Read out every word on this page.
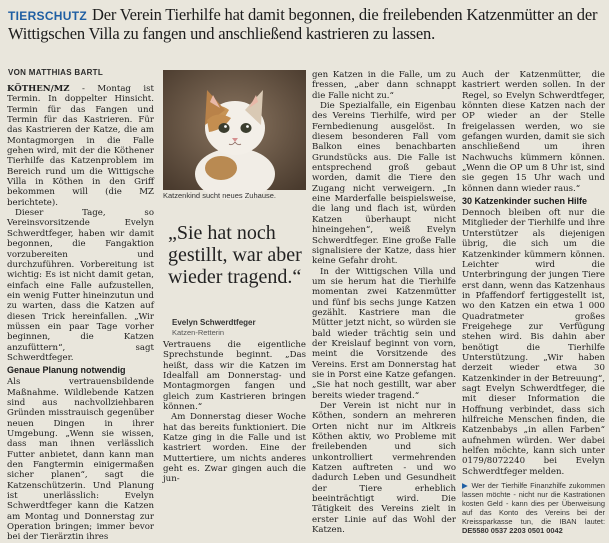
TIERSCHUTZ Der Verein Tierhilfe hat damit begonnen, die freilebenden Katzenmütter an der Wittigschen Villa zu fangen und anschließend kastrieren zu lassen.
VON MATTHIAS BARTL

KÖTHEN/MZ - Montag ist Termin. In doppelter Hinsicht. Termin für das Fangen und Termin für das Kastrieren. Für das Kastrieren der Katze, die am Montagmorgen in die Falle gehen wird, mit der die Köthener Tierhilfe das Katzenproblem im Bereich rund um die Wittigsche Villa in Köthen in den Griff bekommen will (die MZ berichtete).

Dieser Tage, so Vereinsvorsitzende Evelyn Schwerdtfeger, haben wir damit begonnen, die Fangaktion vorzubereiten und durchzuführen. Vorbereitung ist wichtig: Es ist nicht damit getan, einfach eine Falle aufzustellen, ein wenig Futter hineinzutun und zu warten, dass die Katzen auf diesen Trick hereinfallen. „Wir müssen ein paar Tage vorher beginnen, die Katzen anzufüttern“, sagt Schwerdtfeger.

Genaue Planung notwendig

Als vertrauensbildende Maßnahme. Wildlebende Katzen sind aus nachvollziehbaren Gründen misstrauisch gegenüber neuen Dingen in ihrer Umgebung. „Wenn sie wissen, dass man ihnen verlässlich Futter anbietet, dann kann man den Fangtermin einigermaßen sicher planen“, sagt die Katzenschützerin. Und Planung ist unerlässlich: Evelyn Schwerdtfeger kann die Katzen am Montag und Donnerstag zur Operation bringen; immer bevor bei der Tierärztin ihres

Katzenkind sucht neues Zuhause.
„Sie hat noch gestillt, war aber wieder tragend.“
Evelyn Schwerdtfeger
Katzen-Retterin

Vertrauens die eigentliche Sprechstunde beginnt. „Das heißt, dass wir die Katzen im Idealfall am Donnerstag- und Montagmorgen fangen und gleich zum Kastrieren bringen können.“

Am Donnerstag dieser Woche hat das bereits funktioniert. Die Katze ging in die Falle und ist kastriert worden. Eine der Muttertiere, um nichts anderes geht es. Zwar gingen auch die jun-

gen Katzen in die Falle, um zu fressen, „aber dann schnappt die Falle nicht zu.“

Die Spezialfalle, ein Eigenbau des Vereins Tierhilfe, wird per Fernbedienung ausgelöst. In diesem besonderen Fall vom Balkon eines benachbarten Grundstücks aus. Die Falle ist entsprechend groß gebaut worden, damit die Tiere den Zugang nicht verweigern. „In eine Marderfalle beispielsweise, die lang und flach ist, würden Katzen überhaupt nicht hineingehen“, weiß Evelyn Schwerdtfeger. Eine große Falle signalisiere der Katze, dass hier keine Gefahr droht.

In der Wittigschen Villa und um sie herum hat die Tierhilfe momentan zwei Katzenmütter und fünf bis sechs junge Katzen gezählt. Kastriere man die Mütter jetzt nicht, so würden sie bald wieder trächtig sein und der Kreislauf beginnt von vorn, meint die Vorsitzende des Vereins. Erst am Donnerstag hat sie in Porst eine Katze gefangen. „Sie hat noch gestillt, war aber bereits wieder tragend.“

Der Verein ist nicht nur in Köthen, sondern an mehreren Orten nicht nur im Altkreis Köthen aktiv, wo Probleme mit freilebenden und sich unkontrolliert vermehrenden Katzen auftreten - und wo dadurch Leben und Gesundheit der Tiere erheblich beeinträchtigt wird. Die Tätigkeit des Vereins zielt in erster Linie auf das Wohl der Katzen.

Auch der Katzenmütter, die kastriert werden sollen. In der Regel, so Evelyn Schwerdtfeger, könnten diese Katzen nach der OP wieder an der Stelle freigelassen werden, wo sie gefangen wurden, damit sie sich anschließend um ihren Nachwuchs kümmern können. „Wenn die OP um 8 Uhr ist, sind sie gegen 15 Uhr wach und können dann wieder raus.“

30 Katzenkinder suchen Hilfe

Dennoch bleiben oft nur die Mitglieder der Tierhilfe und ihre Unterstützer als diejenigen übrig, die sich um die Katzenkinder kümmern können. Leichter wird die Unterbringung der jungen Tiere erst dann, wenn das Katzenhaus in Pfaffendorf fertiggestellt ist, wo den Katzen ein etwa 1 000 Quadratmeter großes Freigehege zur Verfügung stehen wird. Bis dahin aber benötigt die Tierhilfe Unterstützung. „Wir haben derzeit wieder etwa 30 Katzenkinder in der Betreuung“, sagt Evelyn Schwerdtfeger, die mit dieser Information die Hoffnung verbindet, dass sich hilfreiche Menschen finden, die Katzenbabys „in allen Farben“ aufnehmen würden. Wer dabei helfen möchte, kann sich unter 0179/8072240 bei Evelyn Schwerdtfeger melden.

▶ Wer der Tierhilfe Finanzhilfe zukommen lassen möchte - nicht nur die Kastrationen kosten Geld - kann dies per Überweisung auf das Konto des Vereins bei der Kreissparkasse tun, die IBAN lautet: DE5580 0537 2203 0501 0042
